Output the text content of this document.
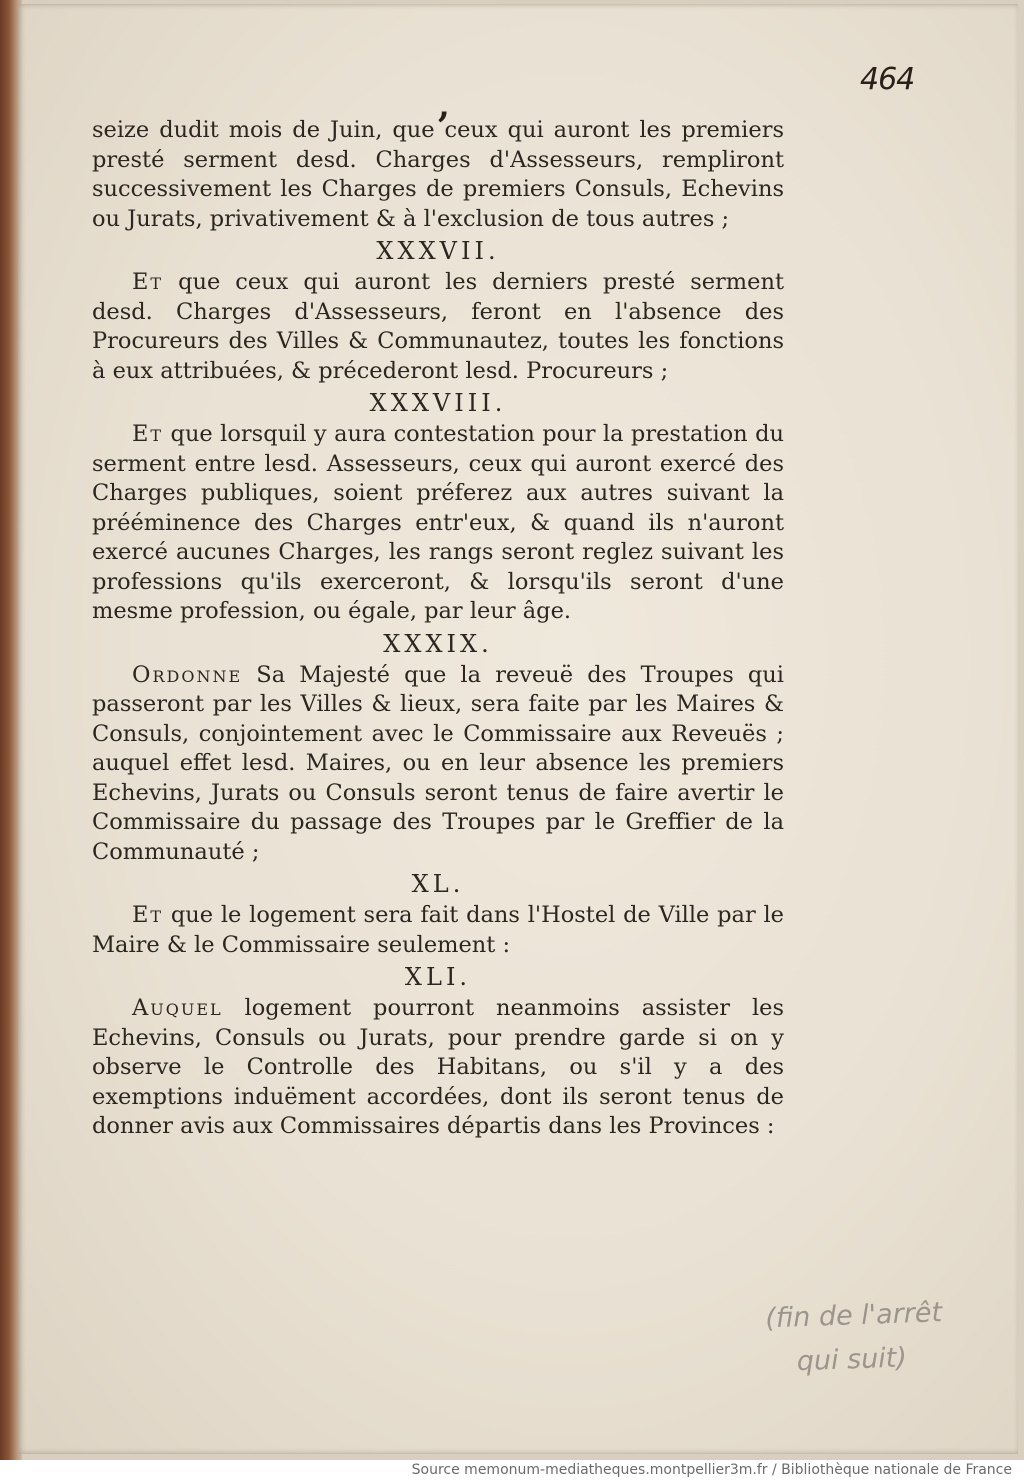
464
,

seize dudit mois de Juin, que ceux qui auront les premiers presté serment desd. Charges d'Assesseurs, rempliront successivement les Charges de premiers Consuls, Echevins ou Jurats, privativement & à l'exclusion de tous autres ;

XXXVII.

Et que ceux qui auront les derniers presté serment desd. Charges d'Assesseurs, feront en l'absence des Procureurs des Villes & Communautez, toutes les fonctions à eux attribuées, & précederont lesd. Procureurs ;

XXXVIII.

Et que lorsquil y aura contestation pour la prestation du serment entre lesd. Assesseurs, ceux qui auront exercé des Charges publiques, soient préferez aux autres suivant la prééminence des Charges entr'eux, & quand ils n'auront exercé aucunes Charges, les rangs seront reglez suivant les professions qu'ils exerceront, & lorsqu'ils seront d'une mesme profession, ou égale, par leur âge.

XXXIX.

Ordonne Sa Majesté que la reveuë des Troupes qui passeront par les Villes & lieux, sera faite par les Maires & Consuls, conjointement avec le Commissaire aux Reveuës ; auquel effet lesd. Maires, ou en leur absence les premiers Echevins, Jurats ou Consuls seront tenus de faire avertir le Commissaire du passage des Troupes par le Greffier de la Communauté ;

XL.

Et que le logement sera fait dans l'Hostel de Ville par le Maire & le Commissaire seulement :

XLI.

Auquel logement pourront neanmoins assister les Echevins, Consuls ou Jurats, pour prendre garde si on y observe le Controlle des Habitans, ou s'il y a des exemptions induëment accordées, dont ils seront tenus de donner avis aux Commissaires départis dans les Provinces :

(fin de l'arrêt
qui suit)
Source memonum-mediatheques.montpellier3m.fr / Bibliothèque nationale de France
